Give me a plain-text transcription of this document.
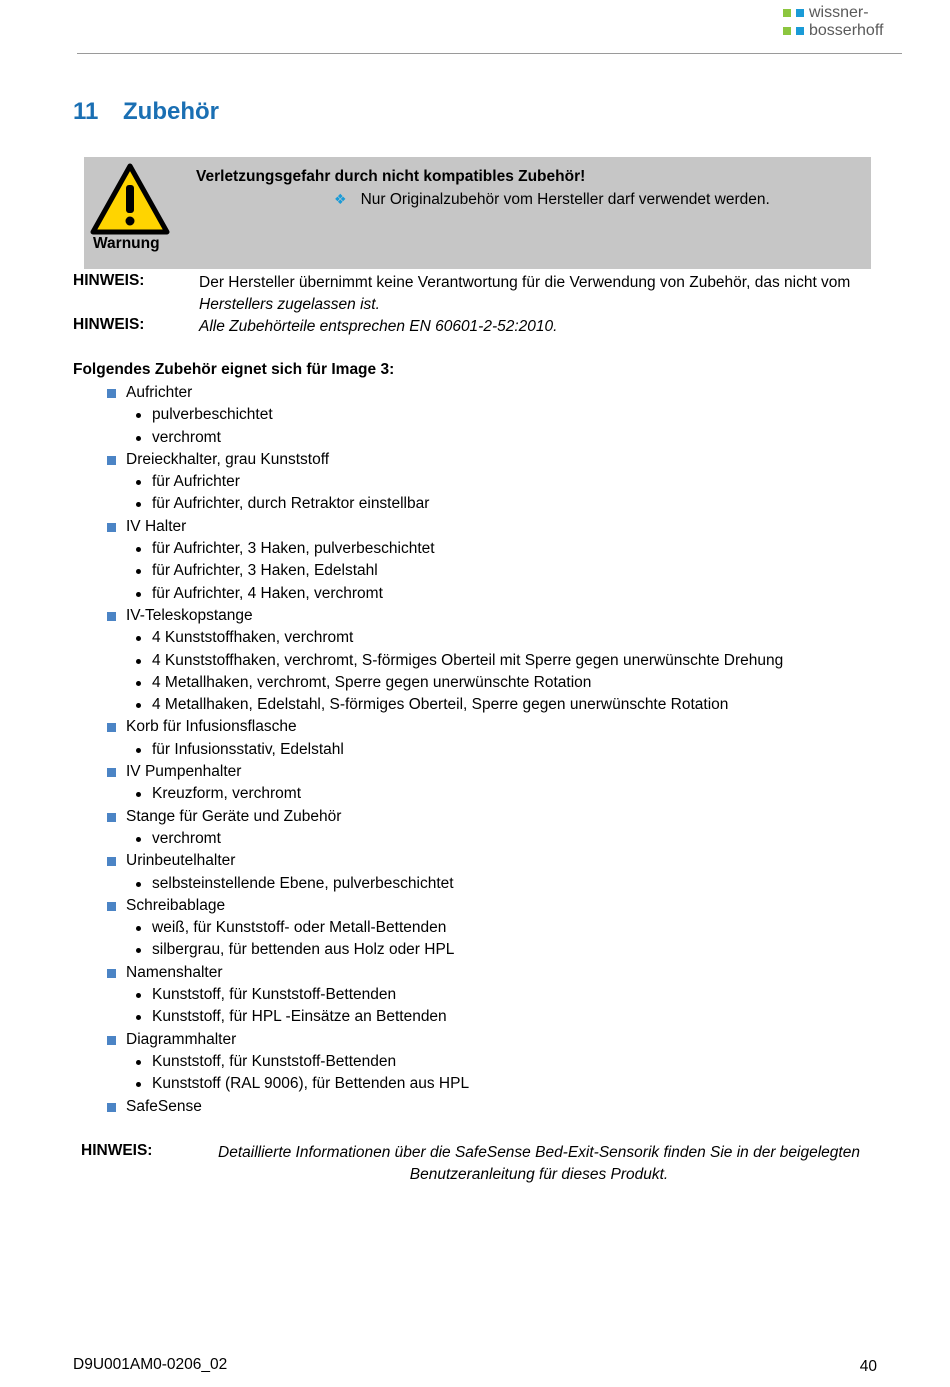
wissner-
bosserhoff
11 Zubehör
Warnung
Verletzungsgefahr durch nicht kompatibles Zubehör!
❖ Nur Originalzubehör vom Hersteller darf verwendet werden.
HINWEIS:	Der Hersteller übernimmt keine Verantwortung für die Verwendung von Zubehör, das nicht vom
Herstellers zugelassen ist.
HINWEIS:	Alle Zubehörteile entsprechen EN 60601-2-52:2010.
Folgendes Zubehör eignet sich für Image 3:
Aufrichter
pulverbeschichtet
verchromt
Dreieckhalter, grau Kunststoff
für Aufrichter
für Aufrichter, durch Retraktor einstellbar
IV Halter
für Aufrichter, 3 Haken, pulverbeschichtet
für Aufrichter, 3 Haken, Edelstahl
für Aufrichter, 4 Haken, verchromt
IV-Teleskopstange
4 Kunststoffhaken, verchromt
4 Kunststoffhaken, verchromt, S-förmiges Oberteil mit Sperre gegen unerwünschte Drehung
4 Metallhaken, verchromt, Sperre gegen unerwünschte Rotation
4 Metallhaken, Edelstahl, S-förmiges Oberteil, Sperre gegen unerwünschte Rotation
Korb für Infusionsflasche
für Infusionsstativ, Edelstahl
IV Pumpenhalter
Kreuzform, verchromt
Stange für Geräte und Zubehör
verchromt
Urinbeutelhalter
selbsteinstellende Ebene, pulverbeschichtet
Schreibablage
weiß, für Kunststoff- oder Metall-Bettenden
silbergrau, für bettenden aus Holz oder HPL
Namenshalter
Kunststoff, für Kunststoff-Bettenden
Kunststoff, für HPL -Einsätze an Bettenden
Diagrammhalter
Kunststoff, für Kunststoff-Bettenden
Kunststoff (RAL 9006), für Bettenden aus HPL
SafeSense
HINWEIS:	Detaillierte Informationen über die SafeSense Bed-Exit-Sensorik finden Sie in der beigelegten
Benutzeranleitung für dieses Produkt.
D9U001AM0-0206_02	40
